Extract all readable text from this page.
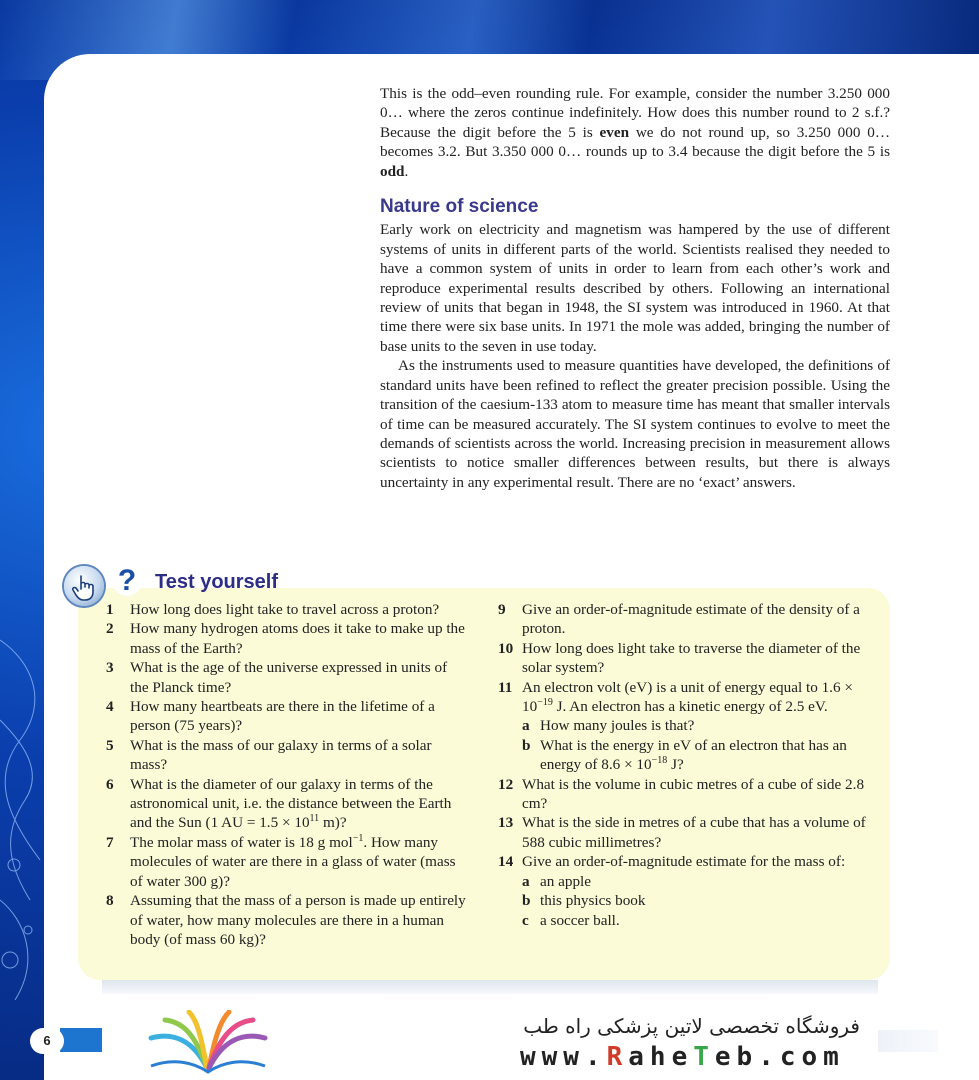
This is the odd–even rounding rule. For example, consider the number 3.250 000 0… where the zeros continue indefinitely. How does this number round to 2 s.f.? Because the digit before the 5 is even we do not round up, so 3.250 000 0… becomes 3.2. But 3.350 000 0… rounds up to 3.4 because the digit before the 5 is odd.

Nature of science

Early work on electricity and magnetism was hampered by the use of different systems of units in different parts of the world. Scientists realised they needed to have a common system of units in order to learn from each other’s work and reproduce experimental results described by others. Following an international review of units that began in 1948, the SI system was introduced in 1960. At that time there were six base units. In 1971 the mole was added, bringing the number of base units to the seven in use today.

As the instruments used to measure quantities have developed, the definitions of standard units have been refined to reflect the greater precision possible. Using the transition of the caesium-133 atom to measure time has meant that smaller intervals of time can be measured accurately. The SI system continues to evolve to meet the demands of scientists across the world. Increasing precision in measurement allows scientists to notice smaller differences between results, but there is always uncertainty in any experimental result. There are no ‘exact’ answers.

? Test yourself
1	How long does light take to travel across a proton?
2	How many hydrogen atoms does it take to make up the mass of the Earth?
3	What is the age of the universe expressed in units of the Planck time?
4	How many heartbeats are there in the lifetime of a person (75 years)?
5	What is the mass of our galaxy in terms of a solar mass?
6	What is the diameter of our galaxy in terms of the astronomical unit, i.e. the distance between the Earth and the Sun (1 AU = $1.5 \times 10^{11}$ m)?
7	The molar mass of water is 18 g mol$^{-1}$. How many molecules of water are there in a glass of water (mass of water 300 g)?
8	Assuming that the mass of a person is made up entirely of water, how many molecules are there in a human body (of mass 60 kg)?
9	Give an order-of-magnitude estimate of the density of a proton.
10 How long does light take to traverse the diameter of the solar system?
11 An electron volt (eV) is a unit of energy equal to $1.6 \times 10^{-19}$ J. An electron has a kinetic energy of 2.5 eV.
a How many joules is that?
b What is the energy in eV of an electron that has an energy of $8.6 \times 10^{-18}$ J?
12 What is the volume in cubic metres of a cube of side 2.8 cm?
13 What is the side in metres of a cube that has a volume of 588 cubic millimetres?
14 Give an order-of-magnitude estimate for the mass of:
a an apple
b this physics book
c a soccer ball.
6
فروشگاه تخصصی لاتین پزشکی راه طب
www.RaheTeb.com
